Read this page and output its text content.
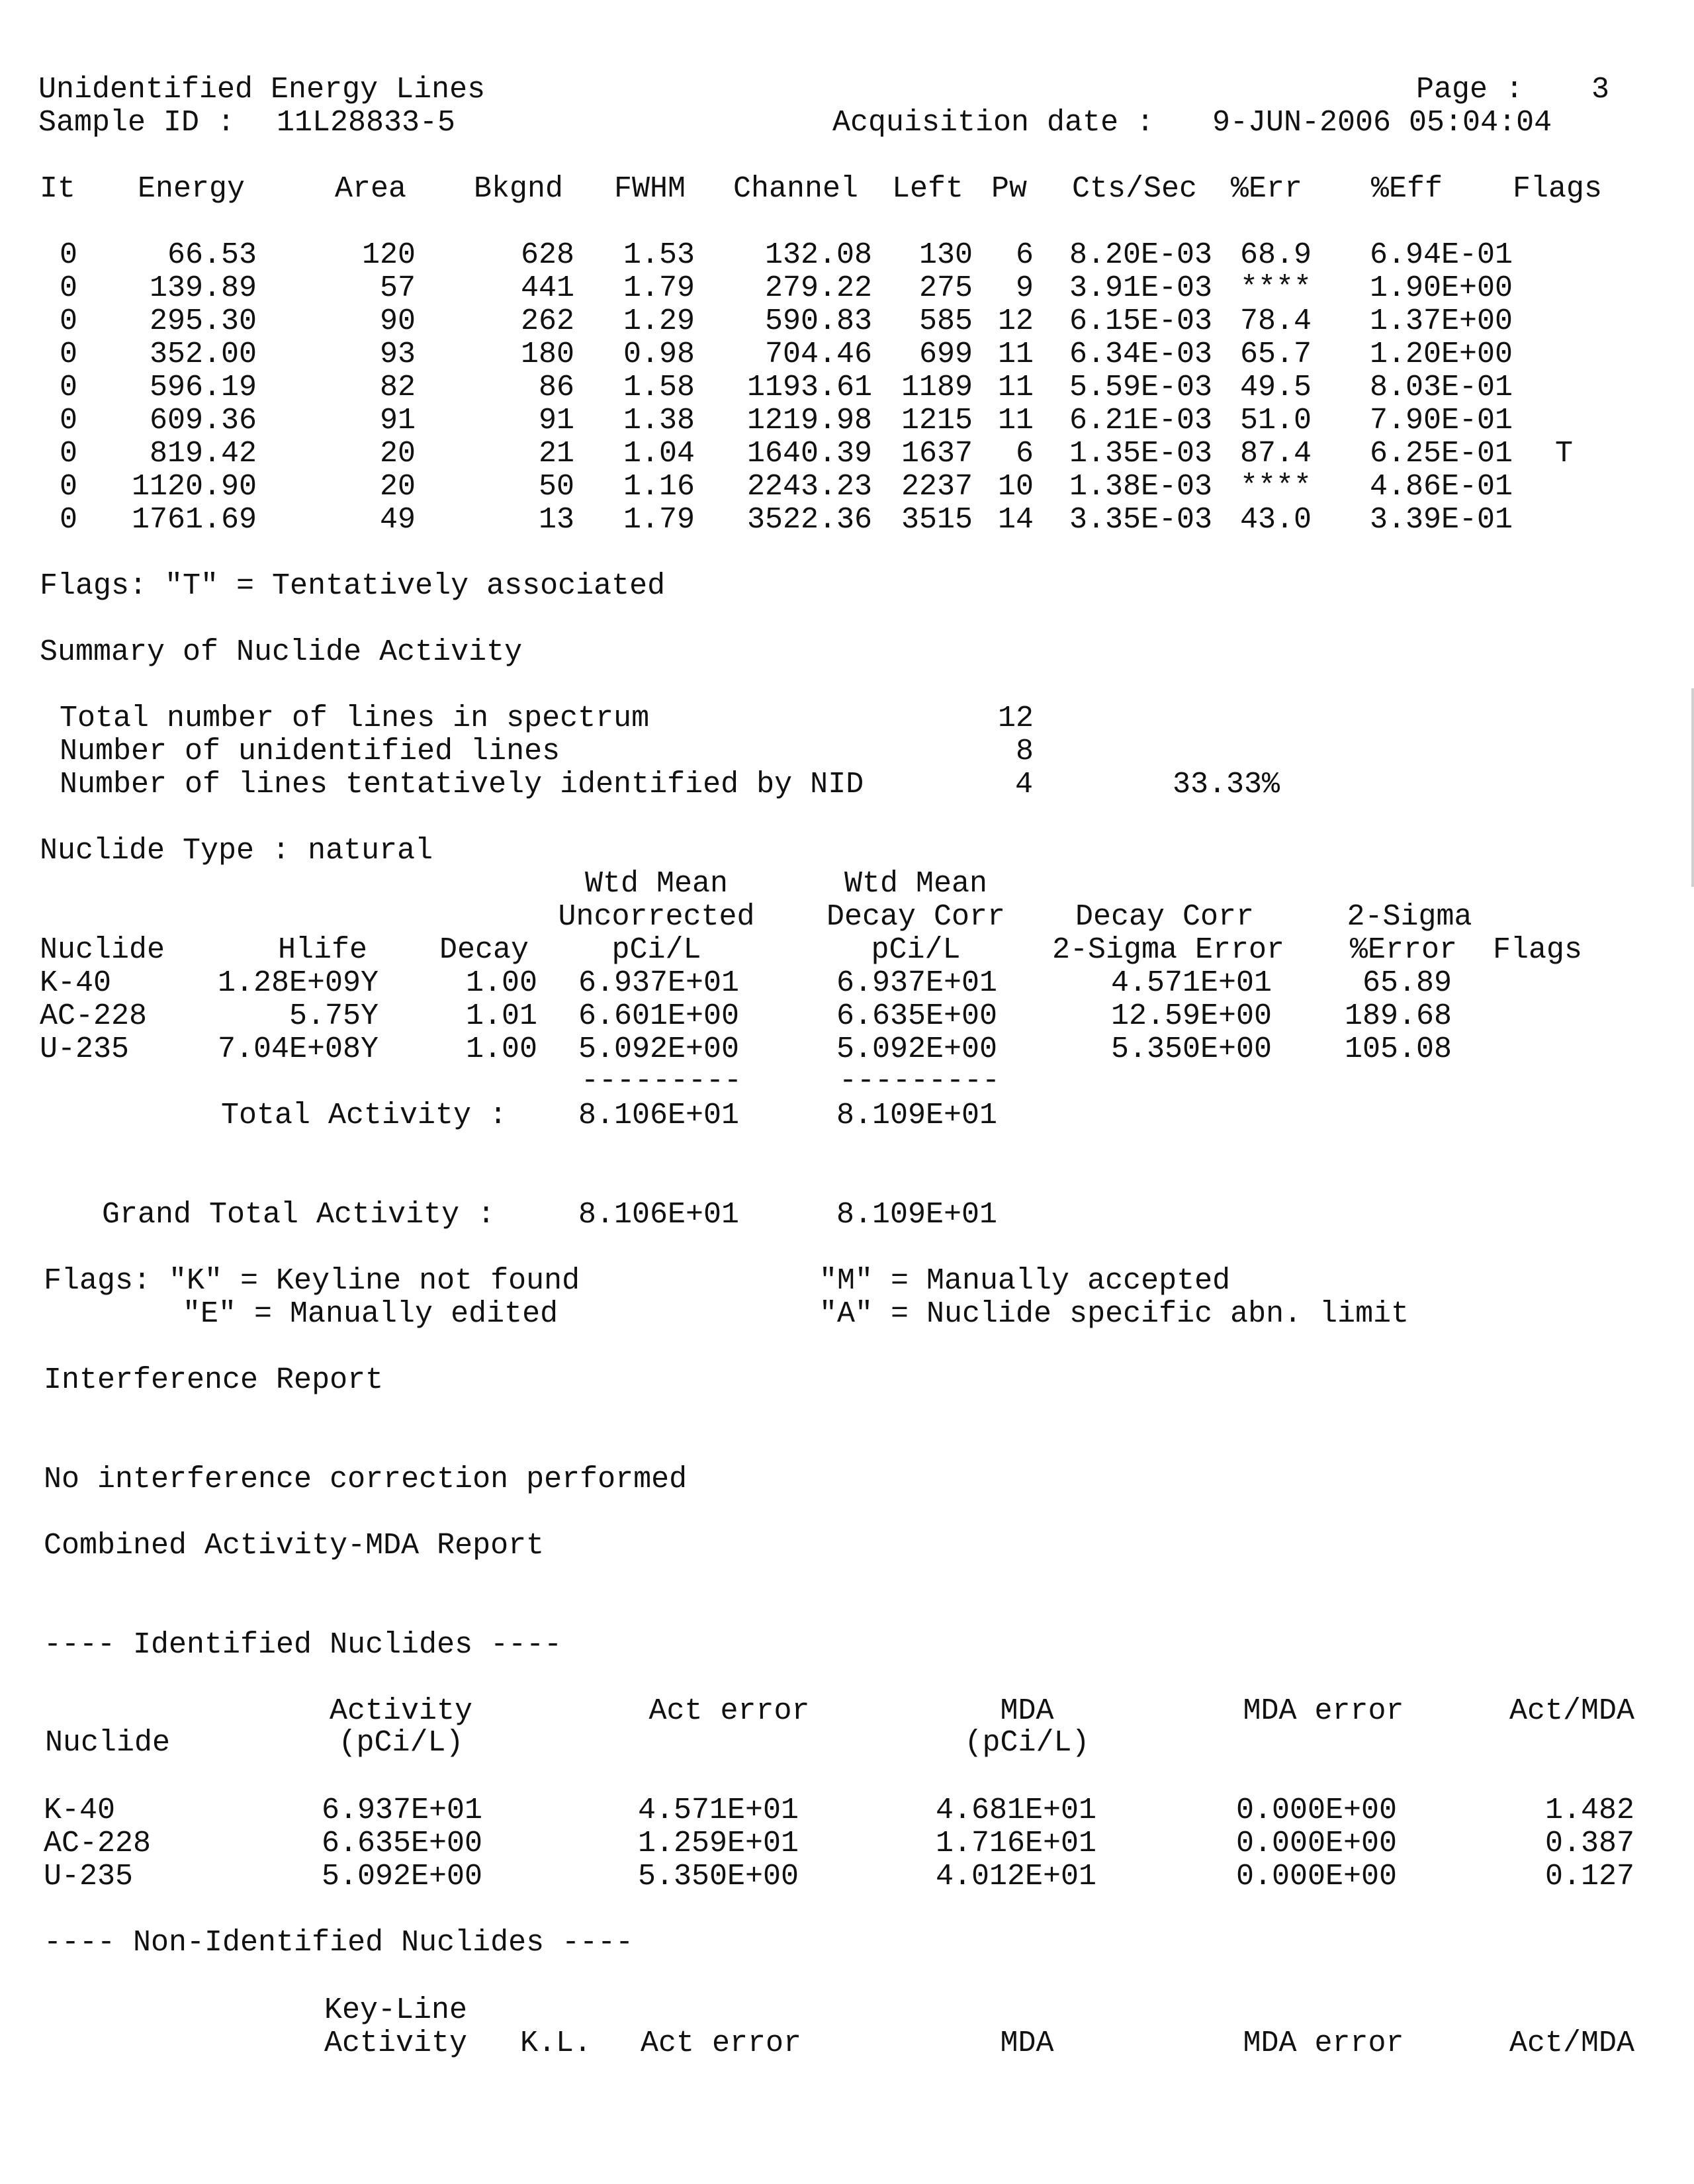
Unidentified Energy Lines	Page : 3
Sample ID : 11L28833-5	Acquisition date : 9-JUN-2006 05:04:04
It Energy	Area Bkgnd FWHM Channel Left Pw Cts/Sec %Err %Eff Flags
0	66.53	120	628 1.53 132.08 130 6 8.20E-03 68.9 6.94E-01
0 139.89	57	441 1.79 279.22 275 9 3.91E-03 **** 1.90E+00
0 295.30	90	262 1.29 590.83 585 12 6.15E-03 78.4 1.37E+00
0 352.00	93	180 0.98 704.46 699 11 6.34E-03 65.7 1.20E+00
0 596.19	82	86 1.58 1193.61 1189 11 5.59E-03 49.5 8.03E-01
0 609.36	91	91 1.38 1219.98 1215 11 6.21E-03 51.0 7.90E-01
0 819.42	20	21 1.04 1640.39 1637 6 1.35E-03 87.4 6.25E-01 T
0 1120.90	20	50 1.16 2243.23 2237 10 1.38E-03 **** 4.86E-01
0 1761.69	49	13 1.79 3522.36 3515 14 3.35E-03 43.0 3.39E-01
Flags: "T" = Tentatively associated
Summary of Nuclide Activity
Total number of lines in spectrum	12
Number of unidentified lines	8
Number of lines tentatively identified by NID	4	33.33%
Nuclide Type : natural
Wtd Mean	Wtd Mean
Uncorrected Decay Corr Decay Corr	2-Sigma
Nuclide	Hlife Decay	pCi/L	pCi/L	2-Sigma Error %Error Flags
K-40	1.28E+09Y	1.00 6.937E+01	6.937E+01	4.571E+01	65.89
AC-228	5.75Y	1.01 6.601E+00	6.635E+00	12.59E+00 189.68
U-235	7.04E+08Y	1.00 5.092E+00	5.092E+00	5.350E+00 105.08
---------	---------
Total Activity : 8.106E+01	8.109E+01
Grand Total Activity :	8.106E+01	8.109E+01
Flags: "K" = Keyline not found	"M" = Manually accepted
"E" = Manually edited	"A" = Nuclide specific abn. limit
Interference Report
No interference correction performed
Combined Activity-MDA Report
---- Identified Nuclides ----
Activity	Act error	MDA	MDA error	Act/MDA
Nuclide	(pCi/L)	(pCi/L)
K-40	6.937E+01	4.571E+01	4.681E+01	0.000E+00	1.482
AC-228	6.635E+00	1.259E+01	1.716E+01	0.000E+00	0.387
U-235	5.092E+00	5.350E+00	4.012E+01	0.000E+00	0.127
---- Non-Identified Nuclides ----
Key-Line
Activity K.L. Act error	MDA	MDA error	Act/MDA
